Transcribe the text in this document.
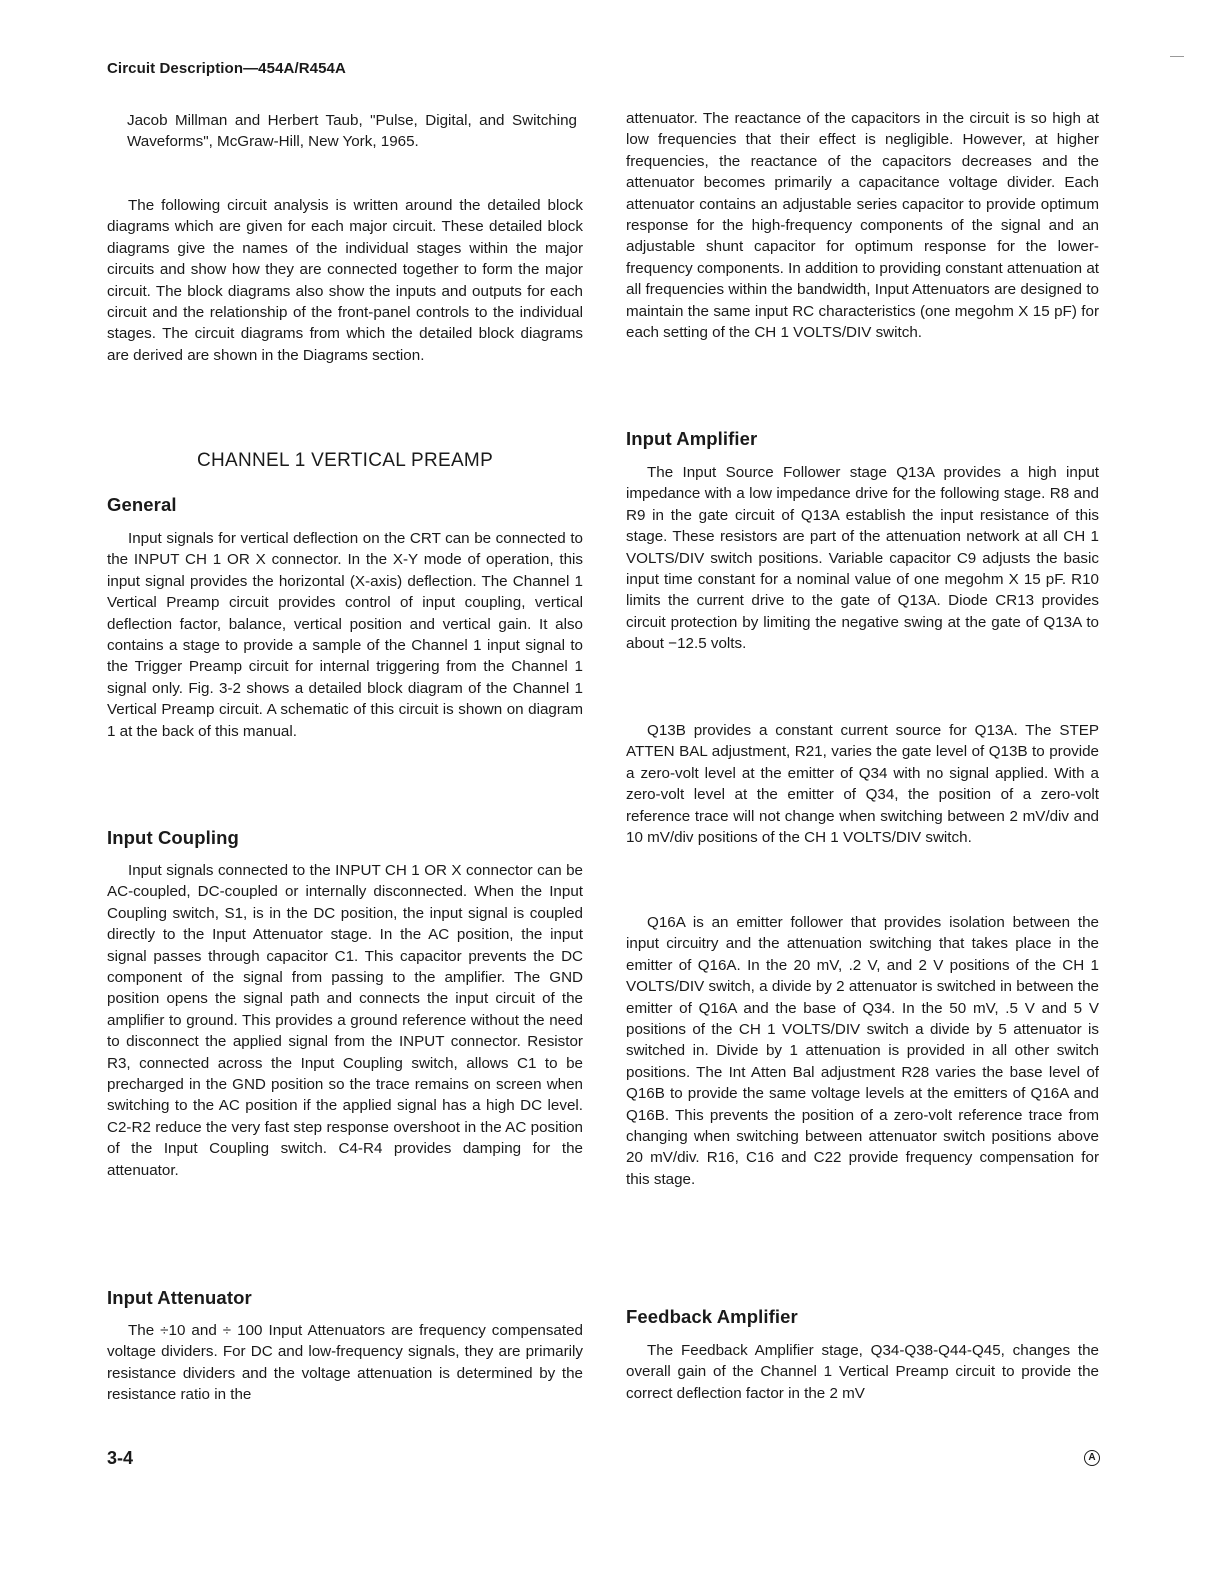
Circuit Description—454A/R454A

Jacob Millman and Herbert Taub, "Pulse, Digital, and Switching Waveforms", McGraw-Hill, New York, 1965.

The following circuit analysis is written around the detailed block diagrams which are given for each major circuit. These detailed block diagrams give the names of the individual stages within the major circuits and show how they are connected together to form the major circuit. The block diagrams also show the inputs and outputs for each circuit and the relationship of the front-panel controls to the individual stages. The circuit diagrams from which the detailed block diagrams are derived are shown in the Diagrams section.

CHANNEL 1 VERTICAL PREAMP
General

Input signals for vertical deflection on the CRT can be connected to the INPUT CH 1 OR X connector. In the X-Y mode of operation, this input signal provides the horizontal (X-axis) deflection. The Channel 1 Vertical Preamp circuit provides control of input coupling, vertical deflection factor, balance, vertical position and vertical gain. It also contains a stage to provide a sample of the Channel 1 input signal to the Trigger Preamp circuit for internal triggering from the Channel 1 signal only. Fig. 3-2 shows a detailed block diagram of the Channel 1 Vertical Preamp circuit. A schematic of this circuit is shown on diagram 1 at the back of this manual.

Input Coupling

Input signals connected to the INPUT CH 1 OR X connector can be AC-coupled, DC-coupled or internally disconnected. When the Input Coupling switch, S1, is in the DC position, the input signal is coupled directly to the Input Attenuator stage. In the AC position, the input signal passes through capacitor C1. This capacitor prevents the DC component of the signal from passing to the amplifier. The GND position opens the signal path and connects the input circuit of the amplifier to ground. This provides a ground reference without the need to disconnect the applied signal from the INPUT connector. Resistor R3, connected across the Input Coupling switch, allows C1 to be precharged in the GND position so the trace remains on screen when switching to the AC position if the applied signal has a high DC level. C2-R2 reduce the very fast step response overshoot in the AC position of the Input Coupling switch. C4-R4 provides damping for the attenuator.

Input Attenuator

The ÷10 and ÷ 100 Input Attenuators are frequency compensated voltage dividers. For DC and low-frequency signals, they are primarily resistance dividers and the voltage attenuation is determined by the resistance ratio in the

attenuator. The reactance of the capacitors in the circuit is so high at low frequencies that their effect is negligible. However, at higher frequencies, the reactance of the capacitors decreases and the attenuator becomes primarily a capacitance voltage divider. Each attenuator contains an adjustable series capacitor to provide optimum response for the high-frequency components of the signal and an adjustable shunt capacitor for optimum response for the lower-frequency components. In addition to providing constant attenuation at all frequencies within the bandwidth, Input Attenuators are designed to maintain the same input RC characteristics (one megohm X 15 pF) for each setting of the CH 1 VOLTS/DIV switch.

Input Amplifier

The Input Source Follower stage Q13A provides a high input impedance with a low impedance drive for the following stage. R8 and R9 in the gate circuit of Q13A establish the input resistance of this stage. These resistors are part of the attenuation network at all CH 1 VOLTS/DIV switch positions. Variable capacitor C9 adjusts the basic input time constant for a nominal value of one megohm X 15 pF. R10 limits the current drive to the gate of Q13A. Diode CR13 provides circuit protection by limiting the negative swing at the gate of Q13A to about −12.5 volts.

Q13B provides a constant current source for Q13A. The STEP ATTEN BAL adjustment, R21, varies the gate level of Q13B to provide a zero-volt level at the emitter of Q34 with no signal applied. With a zero-volt level at the emitter of Q34, the position of a zero-volt reference trace will not change when switching between 2 mV/div and 10 mV/div positions of the CH 1 VOLTS/DIV switch.

Q16A is an emitter follower that provides isolation between the input circuitry and the attenuation switching that takes place in the emitter of Q16A. In the 20 mV, .2 V, and 2 V positions of the CH 1 VOLTS/DIV switch, a divide by 2 attenuator is switched in between the emitter of Q16A and the base of Q34. In the 50 mV, .5 V and 5 V positions of the CH 1 VOLTS/DIV switch a divide by 5 attenuator is switched in. Divide by 1 attenuation is provided in all other switch positions. The Int Atten Bal adjustment R28 varies the base level of Q16B to provide the same voltage levels at the emitters of Q16A and Q16B. This prevents the position of a zero-volt reference trace from changing when switching between attenuator switch positions above 20 mV/div. R16, C16 and C22 provide frequency compensation for this stage.

Feedback Amplifier

The Feedback Amplifier stage, Q34-Q38-Q44-Q45, changes the overall gain of the Channel 1 Vertical Preamp circuit to provide the correct deflection factor in the 2 mV

3-4	A
